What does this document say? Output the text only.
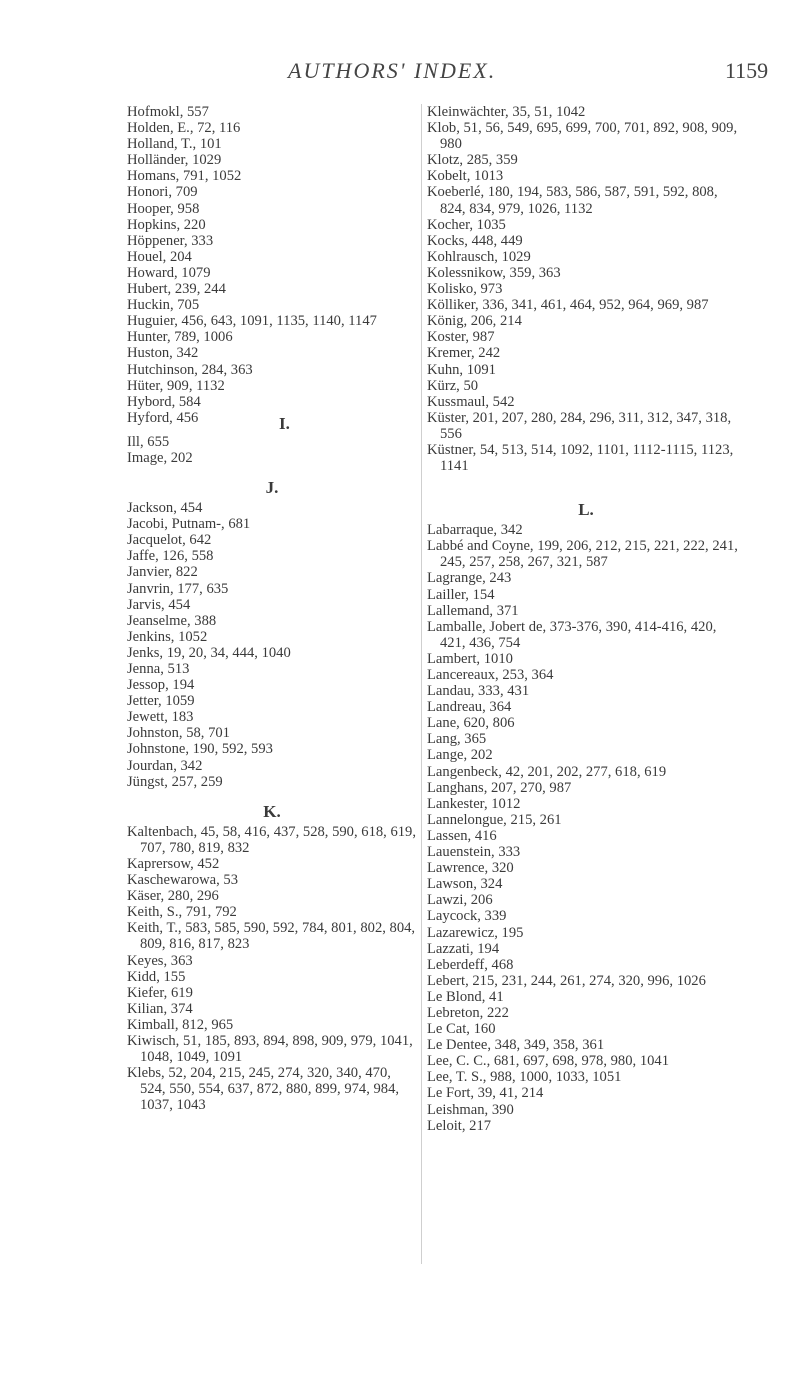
AUTHORS' INDEX.	1159
Hofmokl, 557
Holden, E., 72, 116
Holland, T., 101
Holländer, 1029
Homans, 791, 1052
Honori, 709
Hooper, 958
Hopkins, 220
Höppener, 333
Houel, 204
Howard, 1079
Hubert, 239, 244
Huckin, 705
Huguier, 456, 643, 1091, 1135, 1140, 1147
Hunter, 789, 1006
Huston, 342
Hutchinson, 284, 363
Hüter, 909, 1132
Hybord, 584
Hyford, 456	I.
Ill, 655
Image, 202
J.
Jackson, 454
Jacobi, Putnam-, 681
Jacquelot, 642
Jaffe, 126, 558
Janvier, 822
Janvrin, 177, 635
Jarvis, 454
Jeanselme, 388
Jenkins, 1052
Jenks, 19, 20, 34, 444, 1040
Jenna, 513
Jessop, 194
Jetter, 1059
Jewett, 183
Johnston, 58, 701
Johnstone, 190, 592, 593
Jourdan, 342
Jüngst, 257, 259
K.
Kaltenbach, 45, 58, 416, 437, 528, 590, 618, 619, 707, 780, 819, 832
Kaprersow, 452
Kaschewarowa, 53
Käser, 280, 296
Keith, S., 791, 792
Keith, T., 583, 585, 590, 592, 784, 801, 802, 804, 809, 816, 817, 823
Keyes, 363
Kidd, 155
Kiefer, 619
Kilian, 374
Kimball, 812, 965
Kiwisch, 51, 185, 893, 894, 898, 909, 979, 1041, 1048, 1049, 1091
Klebs, 52, 204, 215, 245, 274, 320, 340, 470, 524, 550, 554, 637, 872, 880, 899, 974, 984, 1037, 1043
Kleinwächter, 35, 51, 1042
Klob, 51, 56, 549, 695, 699, 700, 701, 892, 908, 909, 980
Klotz, 285, 359
Kobelt, 1013
Koeberlé, 180, 194, 583, 586, 587, 591, 592, 808, 824, 834, 979, 1026, 1132
Kocher, 1035
Kocks, 448, 449
Kohlrausch, 1029
Kolessnikow, 359, 363
Kolisko, 973
Kölliker, 336, 341, 461, 464, 952, 964, 969, 987
König, 206, 214
Koster, 987
Kremer, 242
Kuhn, 1091
Kürz, 50
Kussmaul, 542
Küster, 201, 207, 280, 284, 296, 311, 312, 347, 318, 556
Küstner, 54, 513, 514, 1092, 1101, 1112-1115, 1123, 1141
L.
Labarraque, 342
Labbé and Coyne, 199, 206, 212, 215, 221, 222, 241, 245, 257, 258, 267, 321, 587
Lagrange, 243
Lailler, 154
Lallemand, 371
Lamballe, Jobert de, 373-376, 390, 414-416, 420, 421, 436, 754
Lambert, 1010
Lancereaux, 253, 364
Landau, 333, 431
Landreau, 364
Lane, 620, 806
Lang, 365
Lange, 202
Langenbeck, 42, 201, 202, 277, 618, 619
Langhans, 207, 270, 987
Lankester, 1012
Lannelongue, 215, 261
Lassen, 416
Lauenstein, 333
Lawrence, 320
Lawson, 324
Lawzi, 206
Laycock, 339
Lazarewicz, 195
Lazzati, 194
Leberdeff, 468
Lebert, 215, 231, 244, 261, 274, 320, 996, 1026
Le Blond, 41
Lebreton, 222
Le Cat, 160
Le Dentee, 348, 349, 358, 361
Lee, C. C., 681, 697, 698, 978, 980, 1041
Lee, T. S., 988, 1000, 1033, 1051
Le Fort, 39, 41, 214
Leishman, 390
Leloit, 217
